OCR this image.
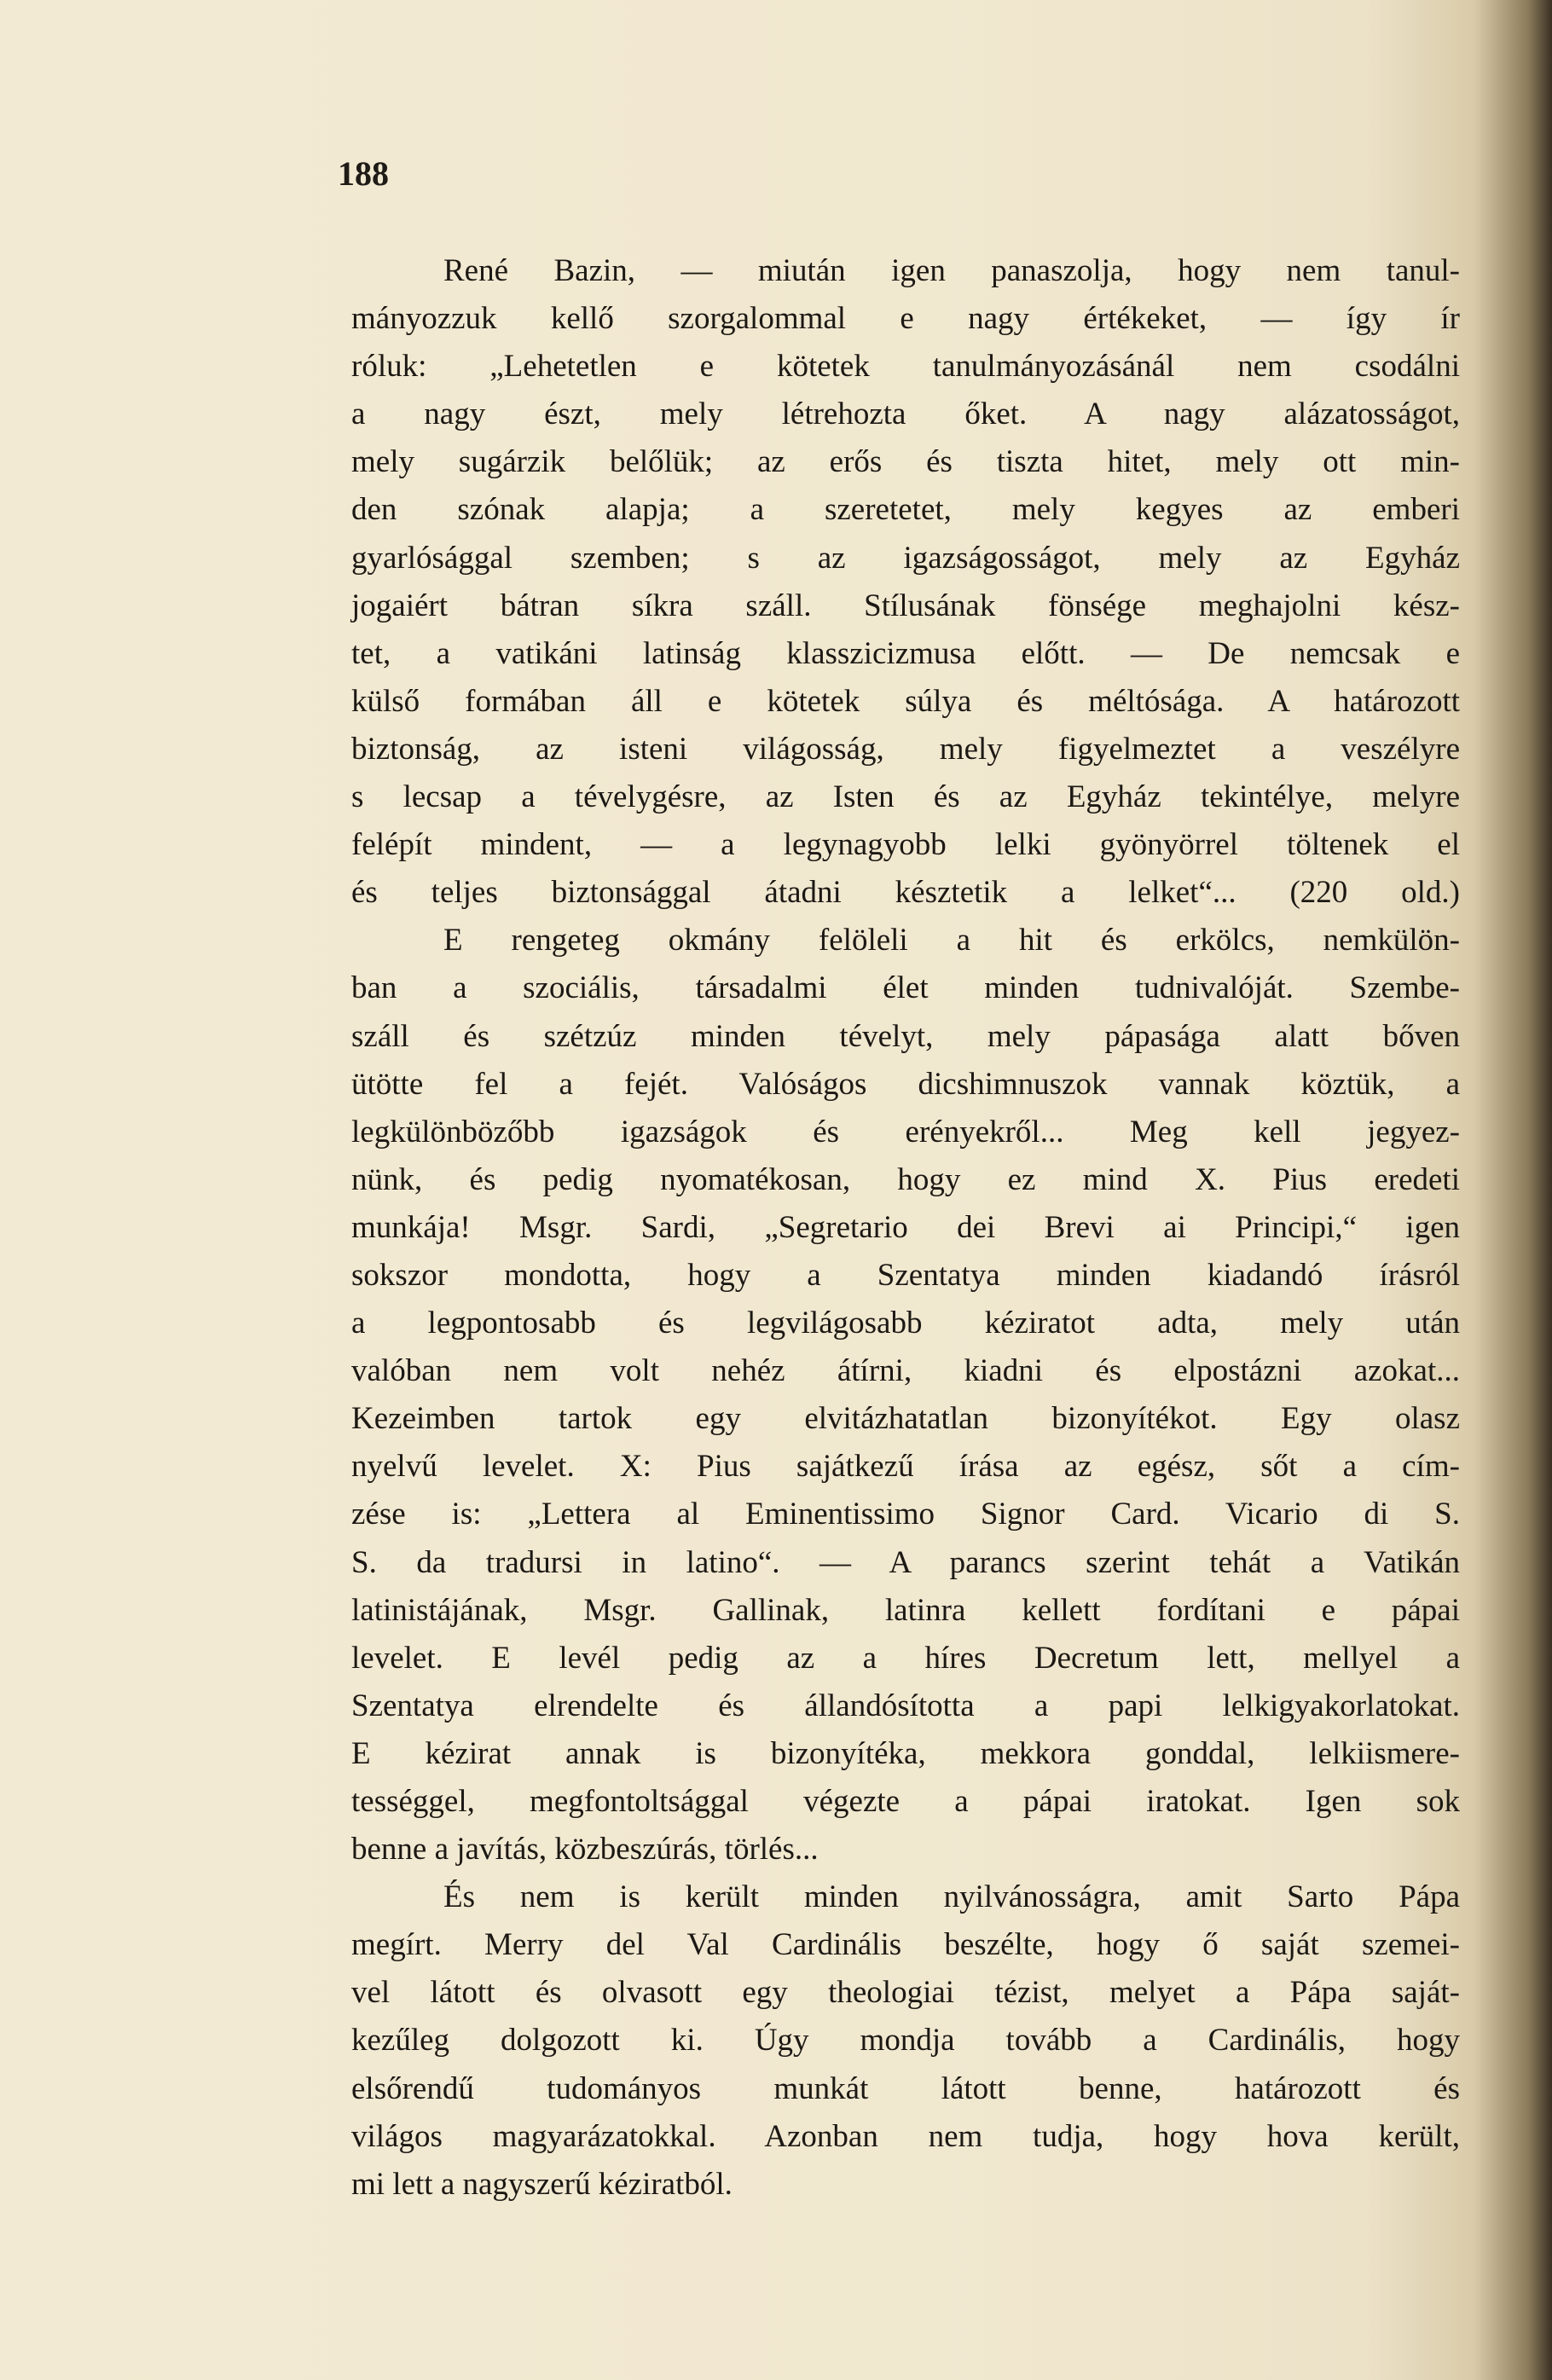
188

René Bazin, — miután igen panaszolja, hogy nem tanul-
mányozzuk kellő szorgalommal e nagy értékeket, — így ír
róluk: „Lehetetlen e kötetek tanulmányozásánál nem csodálni
a nagy észt, mely létrehozta őket. A nagy alázatosságot,
mely sugárzik belőlük; az erős és tiszta hitet, mely ott min-
den szónak alapja; a szeretetet, mely kegyes az emberi
gyarlósággal szemben; s az igazságosságot, mely az Egyház
jogaiért bátran síkra száll. Stílusának fönsége meghajolni kész-
tet, a vatikáni latinság klasszicizmusa előtt. — De nemcsak e
külső formában áll e kötetek súlya és méltósága. A határozott
biztonság, az isteni világosság, mely figyelmeztet a veszélyre
s lecsap a tévelygésre, az Isten és az Egyház tekintélye, melyre
felépít mindent, — a legynagyobb lelki gyönyörrel töltenek el
és teljes biztonsággal átadni késztetik a lelket“... (220 old.)
E rengeteg okmány felöleli a hit és erkölcs, nemkülön-
ban a szociális, társadalmi élet minden tudnivalóját. Szembe-
száll és szétzúz minden tévelyt, mely pápasága alatt bőven
ütötte fel a fejét. Valóságos dicshimnuszok vannak köztük, a
legkülönbözőbb igazságok és erényekről... Meg kell jegyez-
nünk, és pedig nyomatékosan, hogy ez mind X. Pius eredeti
munkája! Msgr. Sardi, „Segretario dei Brevi ai Principi,“ igen
sokszor mondotta, hogy a Szentatya minden kiadandó írásról
a legpontosabb és legvilágosabb kéziratot adta, mely után
valóban nem volt nehéz átírni, kiadni és elpostázni azokat...
Kezeimben tartok egy elvitázhatatlan bizonyítékot. Egy olasz
nyelvű levelet. X: Pius sajátkezű írása az egész, sőt a cím-
zése is: „Lettera al Eminentissimo Signor Card. Vicario di S.
S. da tradursi in latino“. — A parancs szerint tehát a Vatikán
latinistájának, Msgr. Gallinak, latinra kellett fordítani e pápai
levelet. E levél pedig az a híres Decretum lett, mellyel a
Szentatya elrendelte és állandósította a papi lelkigyakorlatokat.
E kézirat annak is bizonyítéka, mekkora gonddal, lelkiismere-
tességgel, megfontoltsággal végezte a pápai iratokat. Igen sok
benne a javítás, közbeszúrás, törlés...
És nem is került minden nyilvánosságra, amit Sarto Pápa
megírt. Merry del Val Cardinális beszélte, hogy ő saját szemei-
vel látott és olvasott egy theologiai tézist, melyet a Pápa saját-
kezűleg dolgozott ki. Úgy mondja tovább a Cardinális, hogy
elsőrendű tudományos munkát látott benne, határozott és
világos magyarázatokkal. Azonban nem tudja, hogy hova került,
mi lett a nagyszerű kéziratból.
